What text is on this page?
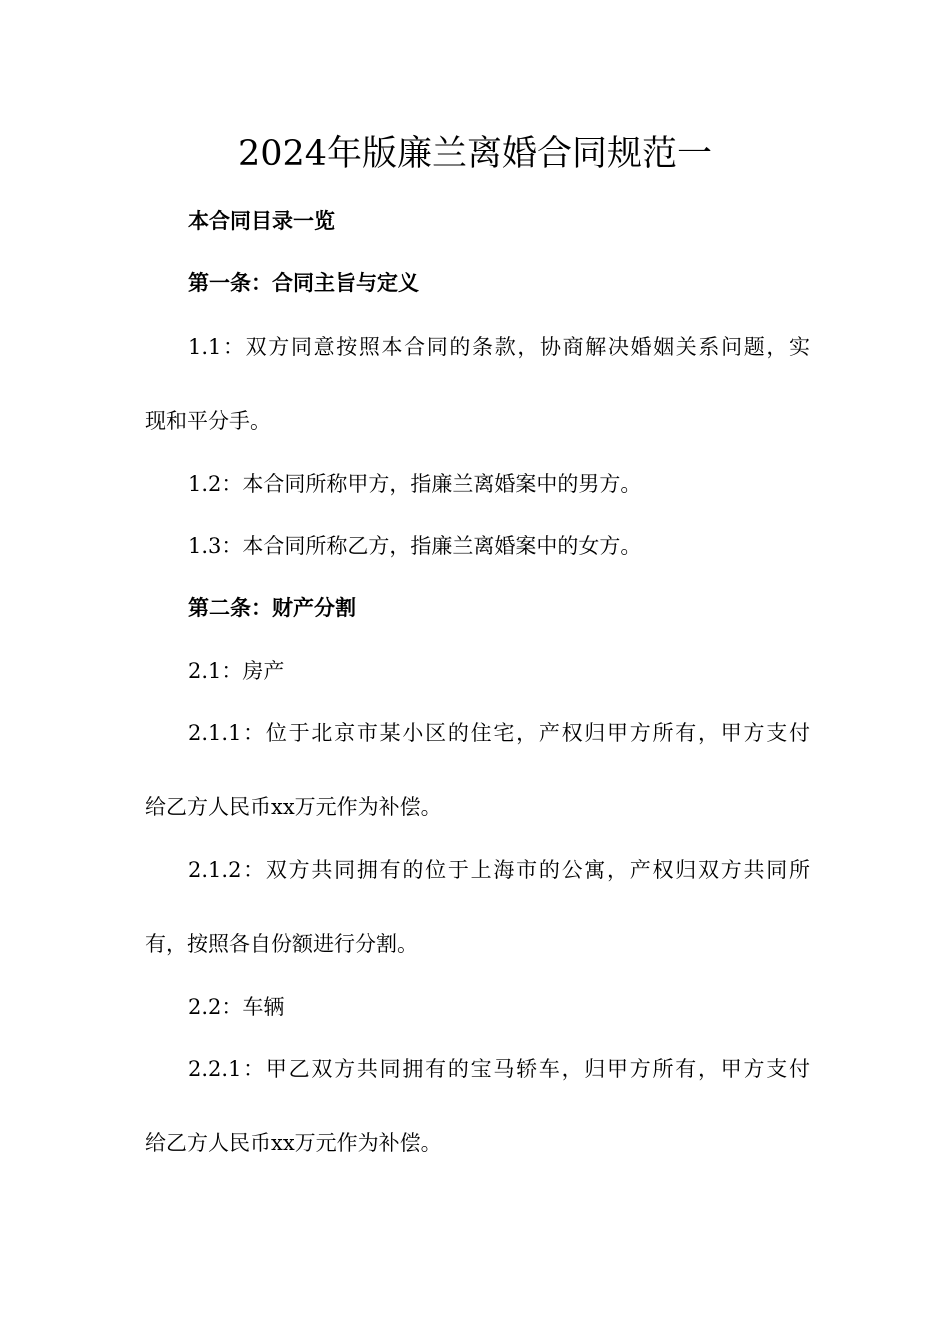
2024年版廉兰离婚合同规范一

本合同目录一览

第一条：合同主旨与定义

1.1：双方同意按照本合同的条款，协商解决婚姻关系问题，实

现和平分手。

1.2：本合同所称甲方，指廉兰离婚案中的男方。

1.3：本合同所称乙方，指廉兰离婚案中的女方。

第二条：财产分割

2.1：房产

2.1.1：位于北京市某小区的住宅，产权归甲方所有，甲方支付

给乙方人民币xx万元作为补偿。

2.1.2：双方共同拥有的位于上海市的公寓，产权归双方共同所

有，按照各自份额进行分割。

2.2：车辆

2.2.1：甲乙双方共同拥有的宝马轿车，归甲方所有，甲方支付

给乙方人民币xx万元作为补偿。
